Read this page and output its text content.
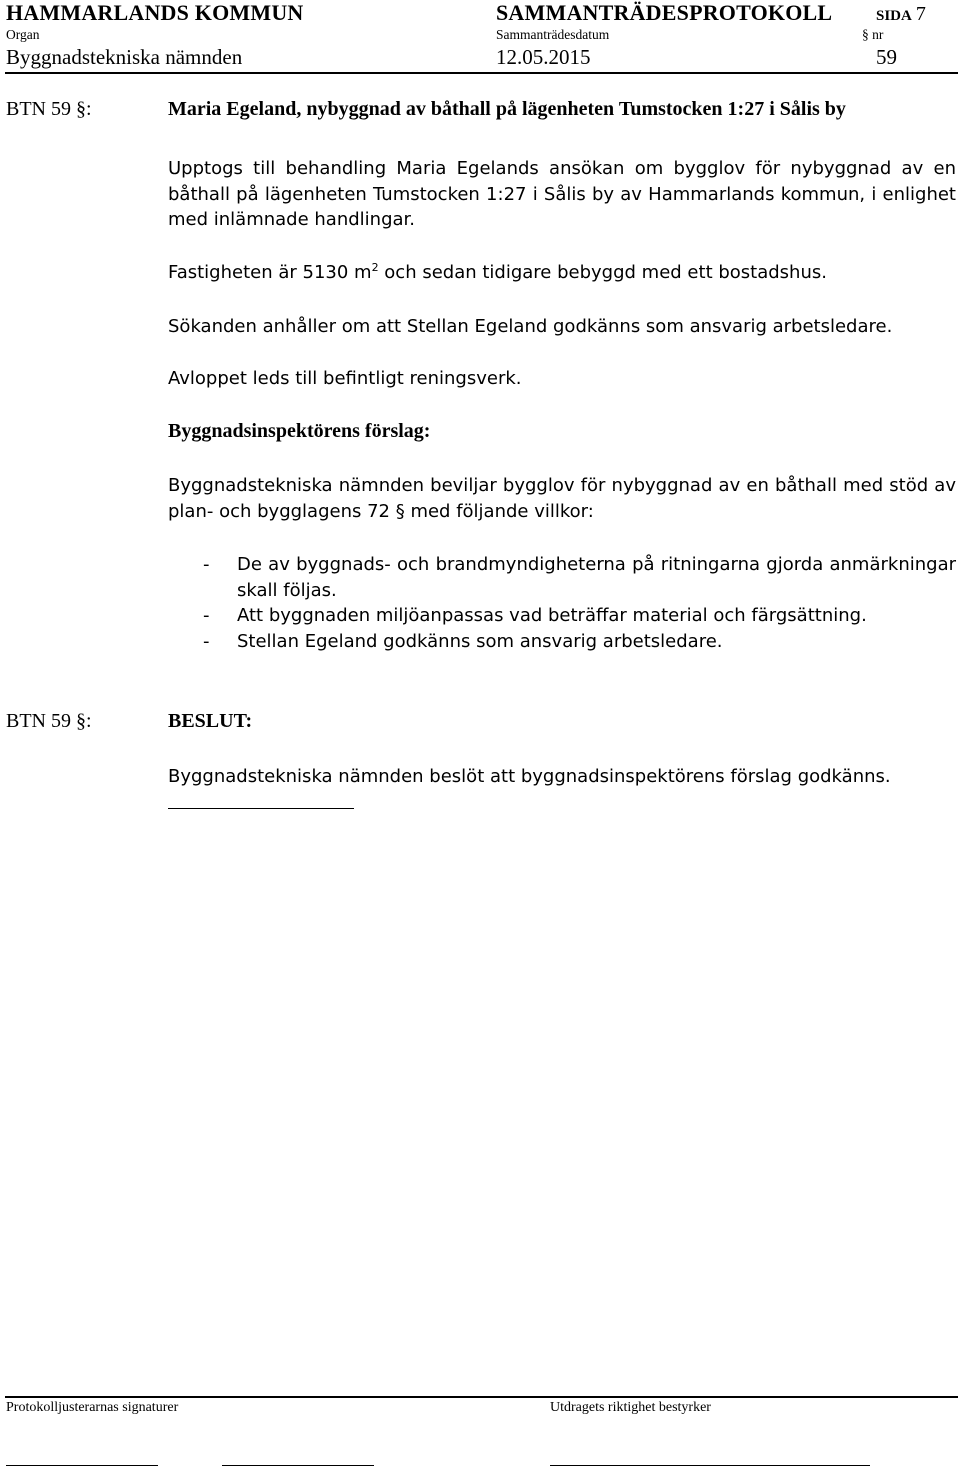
HAMMARLANDS KOMMUN	SAMMANTRÄDESPROTOKOLL	SIDA 7
Organ	Sammanträdesdatum	§ nr
Byggnadstekniska nämnden	12.05.2015	59
BTN 59 §:	Maria Egeland, nybyggnad av båthall på lägenheten Tumstocken 1:27 i Sålis by
Upptogs till behandling Maria Egelands ansökan om bygglov för nybyggnad av en båthall på lägenheten Tumstocken 1:27 i Sålis by av Hammarlands kommun, i enlighet med inlämnade handlingar.
Fastigheten är 5130 $m^2$ och sedan tidigare bebyggd med ett bostadshus.
Sökanden anhåller om att Stellan Egeland godkänns som ansvarig arbetsledare.
Avloppet leds till befintligt reningsverk.
Byggnadsinspektörens förslag:
Byggnadstekniska nämnden beviljar bygglov för nybyggnad av en båthall med stöd av plan- och bygglagens 72 § med följande villkor:
- De av byggnads- och brandmyndigheterna på ritningarna gjorda anmärkningar skall följas.
- Att byggnaden miljöanpassas vad beträffar material och färgsättning.
- Stellan Egeland godkänns som ansvarig arbetsledare.
BTN 59 §:	BESLUT:
Byggnadstekniska nämnden beslöt att byggnadsinspektörens förslag godkänns.
Protokolljusterarnas signaturer	Utdragets riktighet bestyrker
